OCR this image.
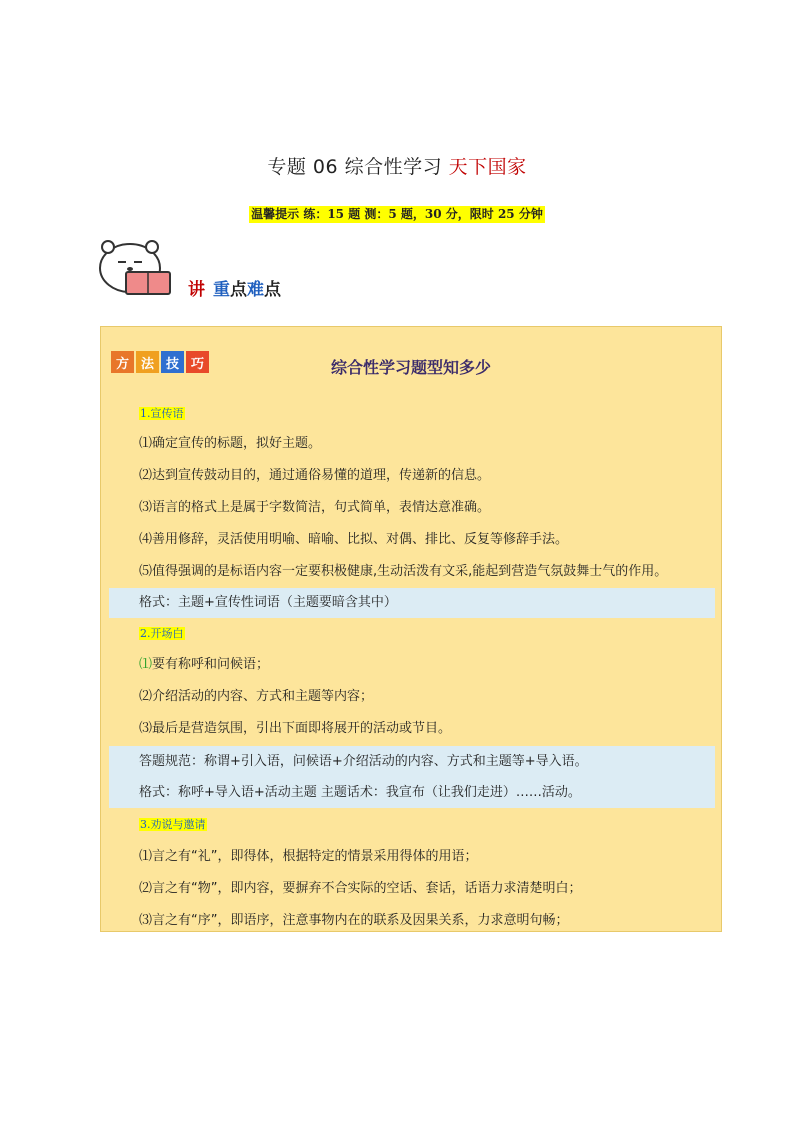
专题 06 综合性学习 天下国家
温馨提示 练：15 题 测：5 题，30 分，限时 25 分钟
讲 重点难点
方 法 技 巧	综合性学习题型知多少
1.宣传语
⑴确定宣传的标题，拟好主题。
⑵达到宣传鼓动目的，通过通俗易懂的道理，传递新的信息。
⑶语言的格式上是属于字数简洁，句式简单，表情达意准确。
⑷善用修辞，灵活使用明喻、暗喻、比拟、对偶、排比、反复等修辞手法。
⑸值得强调的是标语内容一定要积极健康,生动活泼有文采,能起到营造气氛鼓舞士气的作用。
格式：主题+宣传性词语（主题要暗含其中）
2.开场白
⑴要有称呼和问候语；
⑵介绍活动的内容、方式和主题等内容；
⑶最后是营造氛围，引出下面即将展开的活动或节目。
答题规范：称谓+引入语，问候语+介绍活动的内容、方式和主题等+导入语。
格式：称呼+导入语+活动主题 主题话术：我宣布（让我们走进）……活动。
3.劝说与邀请
⑴言之有“礼”，即得体，根据特定的情景采用得体的用语；
⑵言之有“物”，即内容，要摒弃不合实际的空话、套话，话语力求清楚明白；
⑶言之有“序”，即语序，注意事物内在的联系及因果关系，力求意明句畅；
